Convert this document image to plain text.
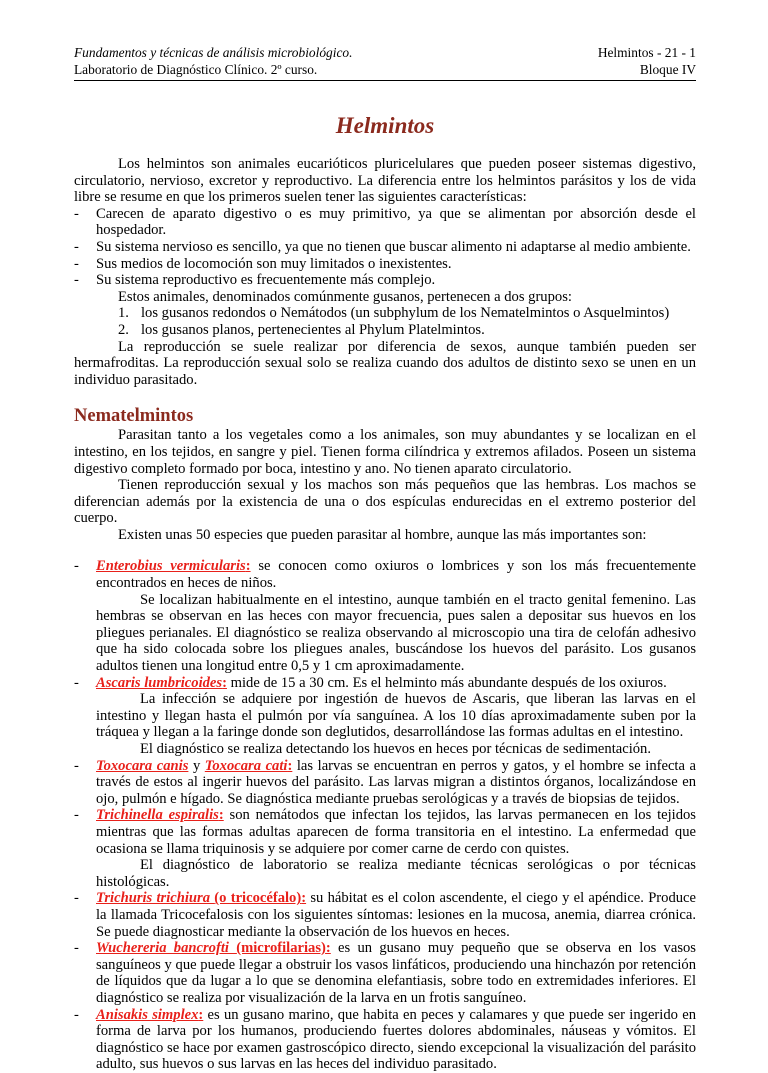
Fundamentos y técnicas de análisis microbiológico.	Helmintos - 21 - 1
Laboratorio de Diagnóstico Clínico. 2º curso.	Bloque IV
Helmintos

Los helmintos son animales eucarióticos pluricelulares que pueden poseer sistemas digestivo, circulatorio, nervioso, excretor y reproductivo. La diferencia entre los helmintos parásitos y los de vida libre se resume en que los primeros suelen tener las siguientes características:

- Carecen de aparato digestivo o es muy primitivo, ya que se alimentan por absorción desde el hospedador.
- Su sistema nervioso es sencillo, ya que no tienen que buscar alimento ni adaptarse al medio ambiente.
- Sus medios de locomoción son muy limitados o inexistentes.
- Su sistema reproductivo es frecuentemente más complejo.

Estos animales, denominados comúnmente gusanos, pertenecen a dos grupos:

1. los gusanos redondos o Nemátodos (un subphylum de los Nematelmintos o Asquelmintos)
2. los gusanos planos, pertenecientes al Phylum Platelmintos.

La reproducción se suele realizar por diferencia de sexos, aunque también pueden ser hermafroditas. La reproducción sexual solo se realiza cuando dos adultos de distinto sexo se unen en un individuo parasitado.

Nematelmintos

Parasitan tanto a los vegetales como a los animales, son muy abundantes y se localizan en el intestino, en los tejidos, en sangre y piel. Tienen forma cilíndrica y extremos afilados. Poseen un sistema digestivo completo formado por boca, intestino y ano. No tienen aparato circulatorio.

Tienen reproducción sexual y los machos son más pequeños que las hembras. Los machos se diferencian además por la existencia de una o dos espículas endurecidas en el extremo posterior del cuerpo.

Existen unas 50 especies que pueden parasitar al hombre, aunque las más importantes son:

- Enterobius vermicularis: se conocen como oxiuros o lombrices y son los más frecuentemente encontrados en heces de niños.

Se localizan habitualmente en el intestino, aunque también en el tracto genital femenino. Las hembras se observan en las heces con mayor frecuencia, pues salen a depositar sus huevos en los pliegues perianales. El diagnóstico se realiza observando al microscopio una tira de celofán adhesivo que ha sido colocada sobre los pliegues anales, buscándose los huevos del parásito. Los gusanos adultos tienen una longitud entre 0,5 y 1 cm aproximadamente.

- Ascaris lumbricoides: mide de 15 a 30 cm. Es el helminto más abundante después de los oxiuros.

La infección se adquiere por ingestión de huevos de Ascaris, que liberan las larvas en el intestino y llegan hasta el pulmón por vía sanguínea. A los 10 días aproximadamente suben por la tráquea y llegan a la faringe donde son deglutidos, desarrollándose las formas adultas en el intestino.

El diagnóstico se realiza detectando los huevos en heces por técnicas de sedimentación.

- Toxocara canis y Toxocara cati: las larvas se encuentran en perros y gatos, y el hombre se infecta a través de estos al ingerir huevos del parásito. Las larvas migran a distintos órganos, localizándose en ojo, pulmón e hígado. Se diagnóstica mediante pruebas serológicas y a través de biopsias de tejidos.
- Trichinella espiralis: son nemátodos que infectan los tejidos, las larvas permanecen en los tejidos mientras que las formas adultas aparecen de forma transitoria en el intestino. La enfermedad que ocasiona se llama triquinosis y se adquiere por comer carne de cerdo con quistes.

El diagnóstico de laboratorio se realiza mediante técnicas serológicas o por técnicas histológicas.

- Trichuris trichiura (o tricocéfalo): su hábitat es el colon ascendente, el ciego y el apéndice. Produce la llamada Tricocefalosis con los siguientes síntomas: lesiones en la mucosa, anemia, diarrea crónica. Se puede diagnosticar mediante la observación de los huevos en heces.
- Wuchereria bancrofti (microfilarias): es un gusano muy pequeño que se observa en los vasos sanguíneos y que puede llegar a obstruir los vasos linfáticos, produciendo una hinchazón por retención de líquidos que da lugar a lo que se denomina elefantiasis, sobre todo en extremidades inferiores. El diagnóstico se realiza por visualización de la larva en un frotis sanguíneo.
- Anisakis simplex: es un gusano marino, que habita en peces y calamares y que puede ser ingerido en forma de larva por los humanos, produciendo fuertes dolores abdominales, náuseas y vómitos. El diagnóstico se hace por examen gastroscópico directo, siendo excepcional la visualización del parásito adulto, sus huevos o sus larvas en las heces del individuo parasitado.
